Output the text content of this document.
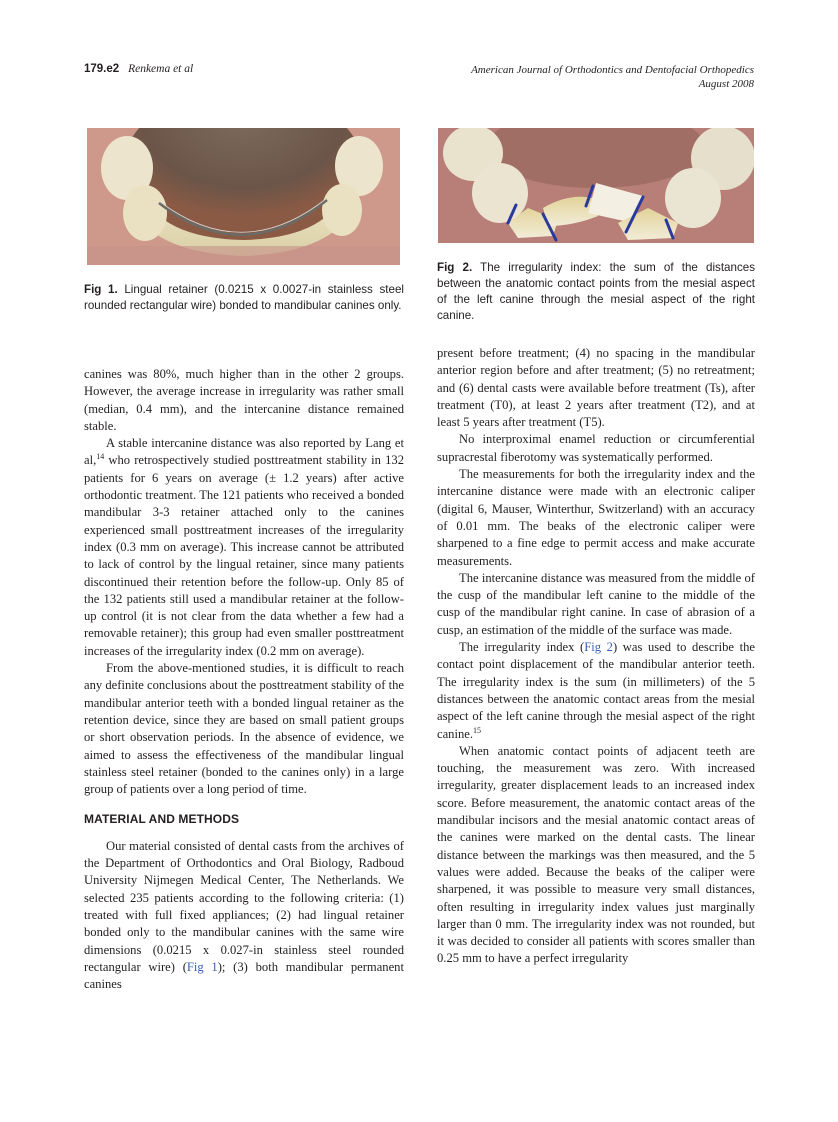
179.e2 Renkema et al	American Journal of Orthodontics and Dentofacial Orthopedics
August 2008
Fig 1. Lingual retainer (0.0215 x 0.0027-in stainless steel rounded rectangular wire) bonded to mandibular canines only.
Fig 2. The irregularity index: the sum of the distances between the anatomic contact points from the mesial aspect of the left canine through the mesial aspect of the right canine.

canines was 80%, much higher than in the other 2 groups. However, the average increase in irregularity was rather small (median, 0.4 mm), and the intercanine distance remained stable.

A stable intercanine distance was also reported by Lang et al,$^{14}$ who retrospectively studied posttreatment stability in 132 patients for 6 years on average (± 1.2 years) after active orthodontic treatment. The 121 patients who received a bonded mandibular 3-3 retainer attached only to the canines experienced small posttreatment increases of the irregularity index (0.3 mm on average). This increase cannot be attributed to lack of control by the lingual retainer, since many patients discontinued their retention before the follow-up. Only 85 of the 132 patients still used a mandibular retainer at the follow-up control (it is not clear from the data whether a few had a removable retainer); this group had even smaller posttreatment increases of the irregularity index (0.2 mm on average).

From the above-mentioned studies, it is difficult to reach any definite conclusions about the posttreatment stability of the mandibular anterior teeth with a bonded lingual retainer as the retention device, since they are based on small patient groups or short observation periods. In the absence of evidence, we aimed to assess the effectiveness of the mandibular lingual stainless steel retainer (bonded to the canines only) in a large group of patients over a long period of time.

MATERIAL AND METHODS

Our material consisted of dental casts from the archives of the Department of Orthodontics and Oral Biology, Radboud University Nijmegen Medical Center, The Netherlands. We selected 235 patients according to the following criteria: (1) treated with full fixed appliances; (2) had lingual retainer bonded only to the mandibular canines with the same wire dimensions (0.0215 x 0.027-in stainless steel rounded rectangular wire) (Fig 1); (3) both mandibular permanent canines

present before treatment; (4) no spacing in the mandibular anterior region before and after treatment; (5) no retreatment; and (6) dental casts were available before treatment (Ts), after treatment (T0), at least 2 years after treatment (T2), and at least 5 years after treatment (T5).

No interproximal enamel reduction or circumferential supracrestal fiberotomy was systematically performed.

The measurements for both the irregularity index and the intercanine distance were made with an electronic caliper (digital 6, Mauser, Winterthur, Switzerland) with an accuracy of 0.01 mm. The beaks of the electronic caliper were sharpened to a fine edge to permit access and make accurate measurements.

The intercanine distance was measured from the middle of the cusp of the mandibular left canine to the middle of the cusp of the mandibular right canine. In case of abrasion of a cusp, an estimation of the middle of the surface was made.

The irregularity index (Fig 2) was used to describe the contact point displacement of the mandibular anterior teeth. The irregularity index is the sum (in millimeters) of the 5 distances between the anatomic contact areas from the mesial aspect of the left canine through the mesial aspect of the right canine.$^{15}$

When anatomic contact points of adjacent teeth are touching, the measurement was zero. With increased irregularity, greater displacement leads to an increased index score. Before measurement, the anatomic contact areas of the mandibular incisors and the mesial anatomic contact areas of the canines were marked on the dental casts. The linear distance between the markings was then measured, and the 5 values were added. Because the beaks of the caliper were sharpened, it was possible to measure very small distances, often resulting in irregularity index values just marginally larger than 0 mm. The irregularity index was not rounded, but it was decided to consider all patients with scores smaller than 0.25 mm to have a perfect irregularity
